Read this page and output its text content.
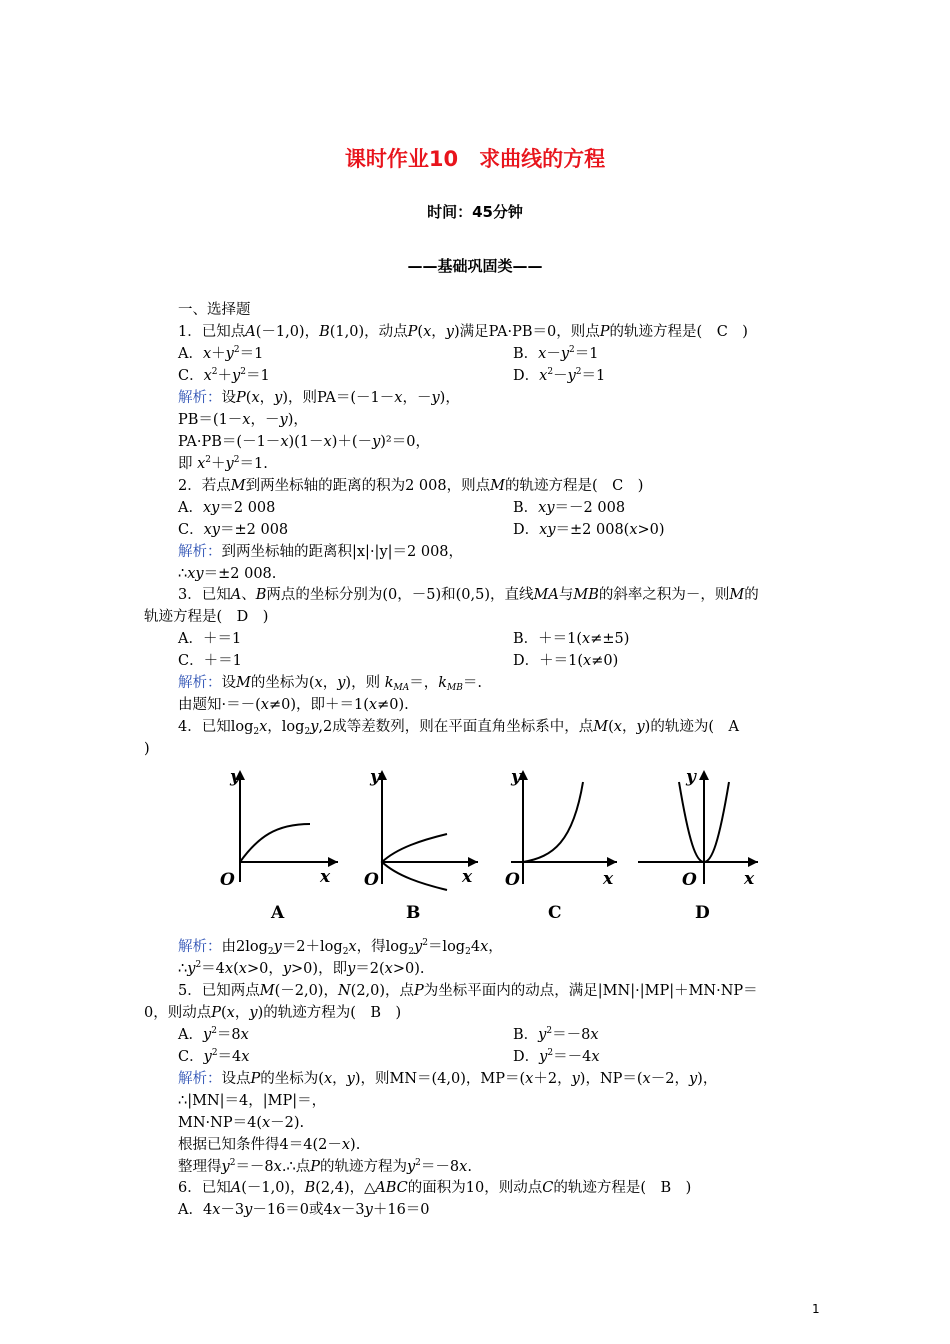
课时作业10　求曲线的方程
时间：45分钟
——基础巩固类——
一、选择题
1．已知点A(－1,0)，B(1,0)，动点P(x，y)满足PA·PB＝0，则点P的轨迹方程是(　C　)
A．$x+y^2=1$	B．$x-y^2=1$
C．$x^2+y^2=1$	D．$x^2-y^2=1$
解析：设P(x，y)，则PA＝(－1－x，－y)，
PB＝(1－x，－y)，
PA·PB＝(－1－x)(1－x)＋(－y)²＝0，
即 $x^2+y^2=1$.
2．若点M到两坐标轴的距离的积为2 008，则点M的轨迹方程是(　C　)
A．xy＝2 008	B．xy＝－2 008
C．xy＝±2 008	D．xy＝±2 008(x>0)
解析：到两坐标轴的距离积|x|·|y|＝2 008，
∴xy＝±2 008.
3．已知A、B两点的坐标分别为(0，－5)和(0,5)，直线MA与MB的斜率之积为－，则M的
轨迹方程是(　D　)
A．＋＝1	B．＋＝1(x≠±5)
C．＋＝1	D．＋＝1(x≠0)
解析：设M的坐标为(x，y)，则 $k_{MA}=$，$k_{MB}=$.
由题知·＝－(x≠0)，即＋＝1(x≠0).
4．已知$\log_2x$，$\log_2y,2$成等差数列，则在平面直角坐标系中，点M(x，y)的轨迹为(　A
)
y
x
O
y
x
O
y
x
O
y
x
O
A	B	C	D
解析：由$2\log_2y=2+\log_2x$，得$\log_2y^2=\log_24x$，
$\therefore y^2=4x(x>0$，y>0)，即y＝2(x>0).
5．已知两点M(－2,0)，N(2,0)，点P为坐标平面内的动点，满足|MN|·|MP|＋MN·NP＝
0，则动点P(x，y)的轨迹方程为(　B　)
A．$y^2=8x$	B．$y^2=-8x$
C．$y^2=4x$	D．$y^2=-4x$
解析：设点P的坐标为(x，y)，则MN＝(4,0)，MP＝(x＋2，y)，NP＝(x－2，y)，
∴|MN|＝4，|MP|＝，
MN·NP＝4(x－2).
根据已知条件得4＝4(2－x).
整理得$y^2=-8x.\therefore$点P的轨迹方程为$y^2=-8x$.
6．已知A(－1,0)，B(2,4)，△ABC的面积为10，则动点C的轨迹方程是(　B　)
A．4x－3y－16＝0或4x－3y＋16＝0
1
